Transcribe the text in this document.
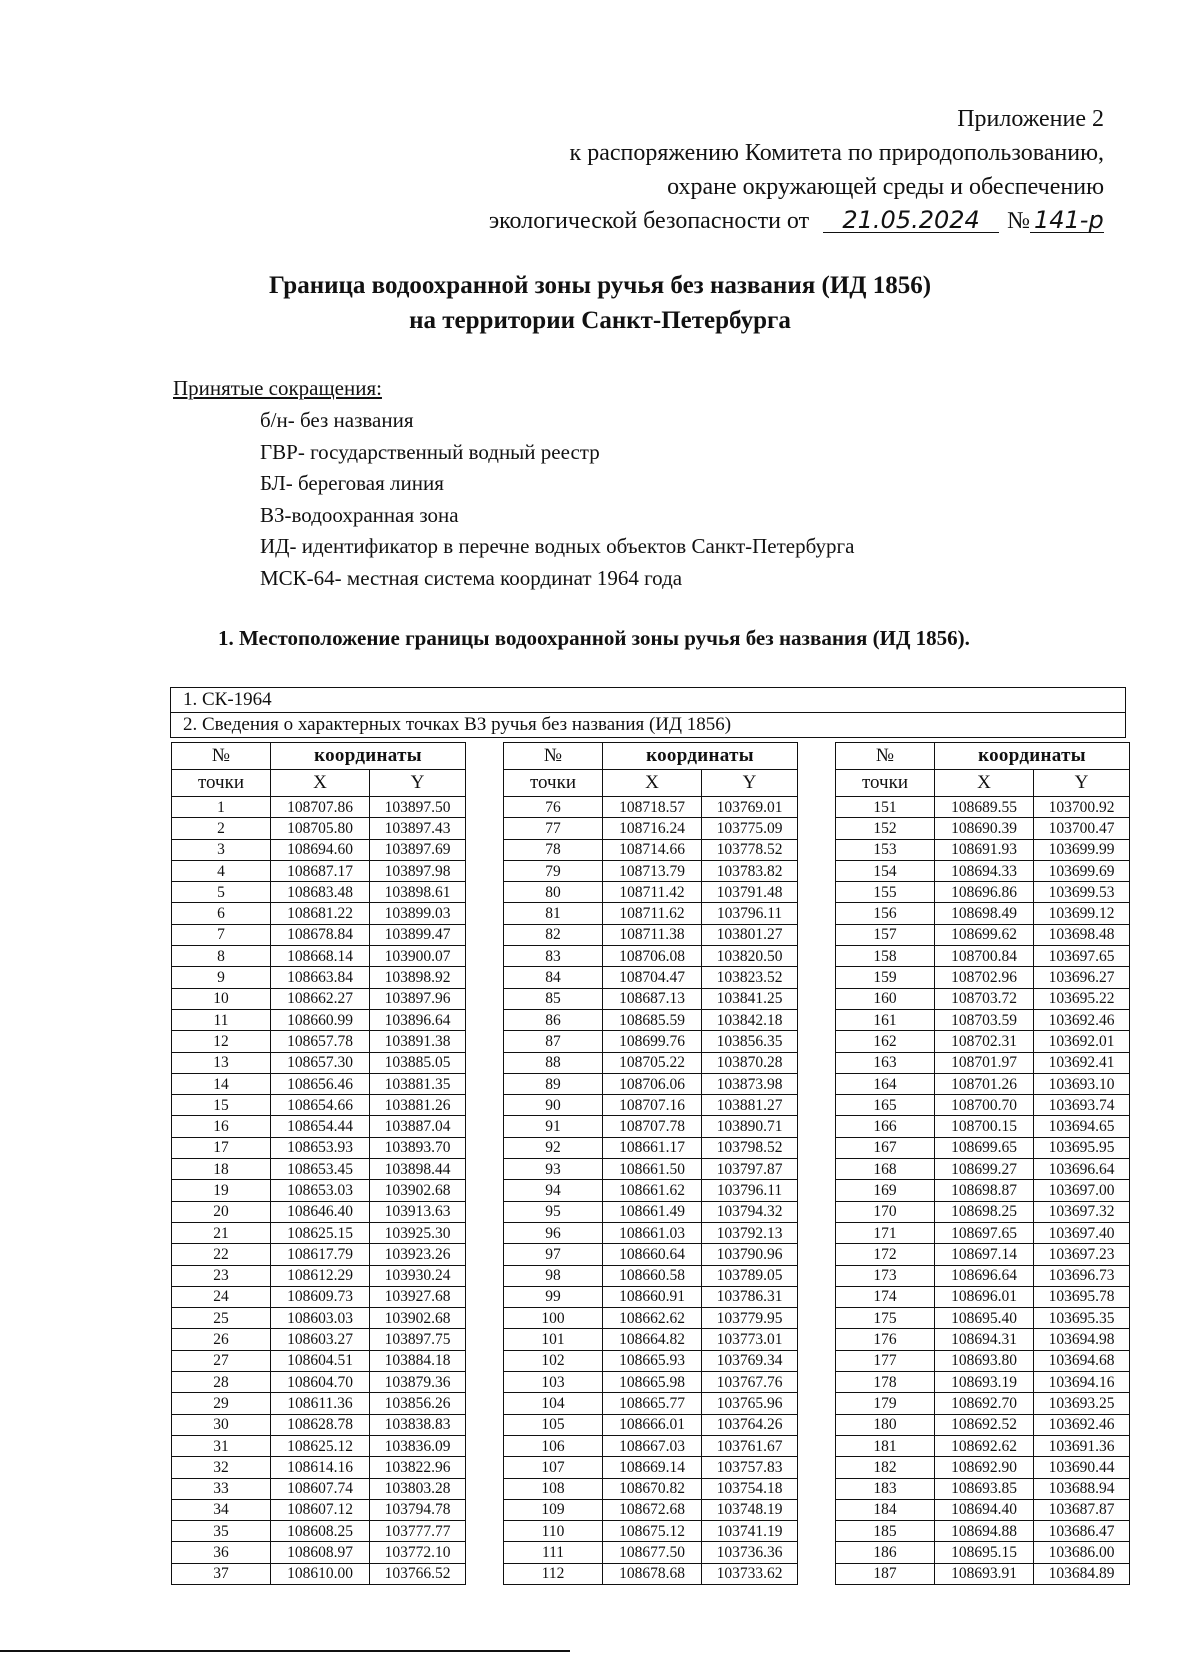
Приложение 2
к распоряжению Комитета по природопользованию,
охране окружающей среды и обеспечению
экологической безопасности от 21.05.2024 № 141-р
Граница водоохранной зоны ручья без названия (ИД 1856)
на территории Санкт-Петербурга
Принятые сокращения:
б/н- без названия
ГВР- государственный водный реестр
БЛ- береговая линия
ВЗ-водоохранная зона
ИД- идентификатор в перечне водных объектов Санкт-Петербурга
МСК-64- местная система координат 1964 года
1. Местоположение границы водоохранной зоны ручья без названия (ИД 1856).
1. СК-1964
2. Сведения о характерных точках ВЗ ручья без названия (ИД 1856)
№	координаты	
точки	X	Y
1	108707.86	103897.50
2	108705.80	103897.43
3	108694.60	103897.69
4	108687.17	103897.98
5	108683.48	103898.61
6	108681.22	103899.03
7	108678.84	103899.47
8	108668.14	103900.07
9	108663.84	103898.92
10	108662.27	103897.96
11	108660.99	103896.64
12	108657.78	103891.38
13	108657.30	103885.05
14	108656.46	103881.35
15	108654.66	103881.26
16	108654.44	103887.04
17	108653.93	103893.70
18	108653.45	103898.44
19	108653.03	103902.68
20	108646.40	103913.63
21	108625.15	103925.30
22	108617.79	103923.26
23	108612.29	103930.24
24	108609.73	103927.68
25	108603.03	103902.68
26	108603.27	103897.75
27	108604.51	103884.18
28	108604.70	103879.36
29	108611.36	103856.26
30	108628.78	103838.83
31	108625.12	103836.09
32	108614.16	103822.96
33	108607.74	103803.28
34	108607.12	103794.78
35	108608.25	103777.77
36	108608.97	103772.10
37	108610.00	103766.52
№	координаты	
точки	X	Y
76	108718.57	103769.01
77	108716.24	103775.09
78	108714.66	103778.52
79	108713.79	103783.82
80	108711.42	103791.48
81	108711.62	103796.11
82	108711.38	103801.27
83	108706.08	103820.50
84	108704.47	103823.52
85	108687.13	103841.25
86	108685.59	103842.18
87	108699.76	103856.35
88	108705.22	103870.28
89	108706.06	103873.98
90	108707.16	103881.27
91	108707.78	103890.71
92	108661.17	103798.52
93	108661.50	103797.87
94	108661.62	103796.11
95	108661.49	103794.32
96	108661.03	103792.13
97	108660.64	103790.96
98	108660.58	103789.05
99	108660.91	103786.31
100	108662.62	103779.95
101	108664.82	103773.01
102	108665.93	103769.34
103	108665.98	103767.76
104	108665.77	103765.96
105	108666.01	103764.26
106	108667.03	103761.67
107	108669.14	103757.83
108	108670.82	103754.18
109	108672.68	103748.19
110	108675.12	103741.19
111	108677.50	103736.36
112	108678.68	103733.62
№	координаты	
точки	X	Y
151	108689.55	103700.92
152	108690.39	103700.47
153	108691.93	103699.99
154	108694.33	103699.69
155	108696.86	103699.53
156	108698.49	103699.12
157	108699.62	103698.48
158	108700.84	103697.65
159	108702.96	103696.27
160	108703.72	103695.22
161	108703.59	103692.46
162	108702.31	103692.01
163	108701.97	103692.41
164	108701.26	103693.10
165	108700.70	103693.74
166	108700.15	103694.65
167	108699.65	103695.95
168	108699.27	103696.64
169	108698.87	103697.00
170	108698.25	103697.32
171	108697.65	103697.40
172	108697.14	103697.23
173	108696.64	103696.73
174	108696.01	103695.78
175	108695.40	103695.35
176	108694.31	103694.98
177	108693.80	103694.68
178	108693.19	103694.16
179	108692.70	103693.25
180	108692.52	103692.46
181	108692.62	103691.36
182	108692.90	103690.44
183	108693.85	103688.94
184	108694.40	103687.87
185	108694.88	103686.47
186	108695.15	103686.00
187	108693.91	103684.89
